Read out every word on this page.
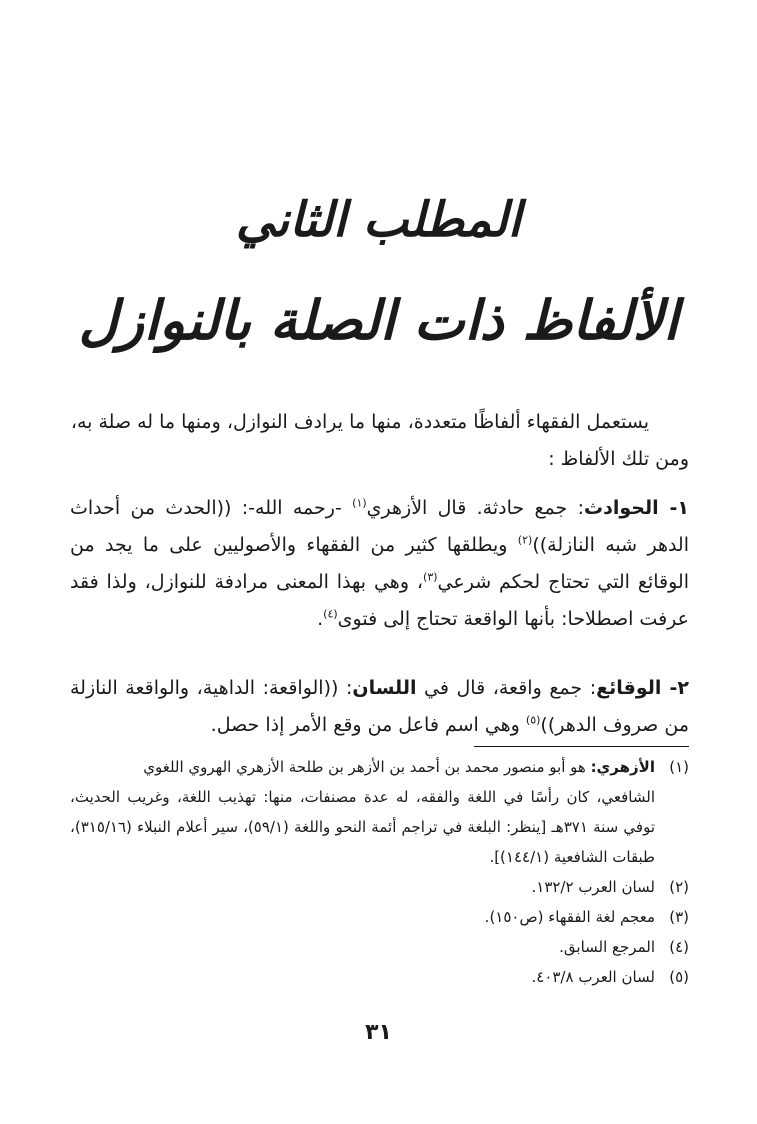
المطلب الثاني
الألفاظ ذات الصلة بالنوازل
يستعمل الفقهاء ألفاظًا متعددة، منها ما يرادف النوازل، ومنها ما له صلة به،
ومن تلك الألفاظ :
١- الحوادث: جمع حادثة. قال الأزهري$^{(١)}$ -رحمه الله-: ((الحدث من أحداث الدهر شبه النازلة))$^{(٢)}$ ويطلقها كثير من الفقهاء والأصوليين على ما يجد من الوقائع التي تحتاج لحكم شرعي$^{(٣)}$، وهي بهذا المعنى مرادفة للنوازل، ولذا فقد عرفت اصطلاحا: بأنها الواقعة تحتاج إلى فتوى$^{(٤)}$.
٢- الوقائع: جمع واقعة، قال في اللسان: ((الواقعة: الداهية، والواقعة النازلة من صروف الدهر))$^{(٥)}$ وهي اسم فاعل من وقع الأمر إذا حصل.
(١)الأزهري: هو أبو منصور محمد بن أحمد بن الأزهر بن طلحة الأزهري الهروي اللغوي
الشافعي، كان رأسًا في اللغة والفقه، له عدة مصنفات، منها: تهذيب اللغة، وغريب الحديث، توفي سنة ٣٧١هـ [ينظر: البلغة في تراجم أئمة النحو واللغة (٥٩/١)، سير أعلام النبلاء (٣١٥/١٦)، طبقات الشافعية (١٤٤/١)].
(٢)لسان العرب ١٣٢/٢.
(٣)معجم لغة الفقهاء (ص١٥٠).
(٤)المرجع السابق.
(٥)لسان العرب ٤٠٣/٨.
٣١
